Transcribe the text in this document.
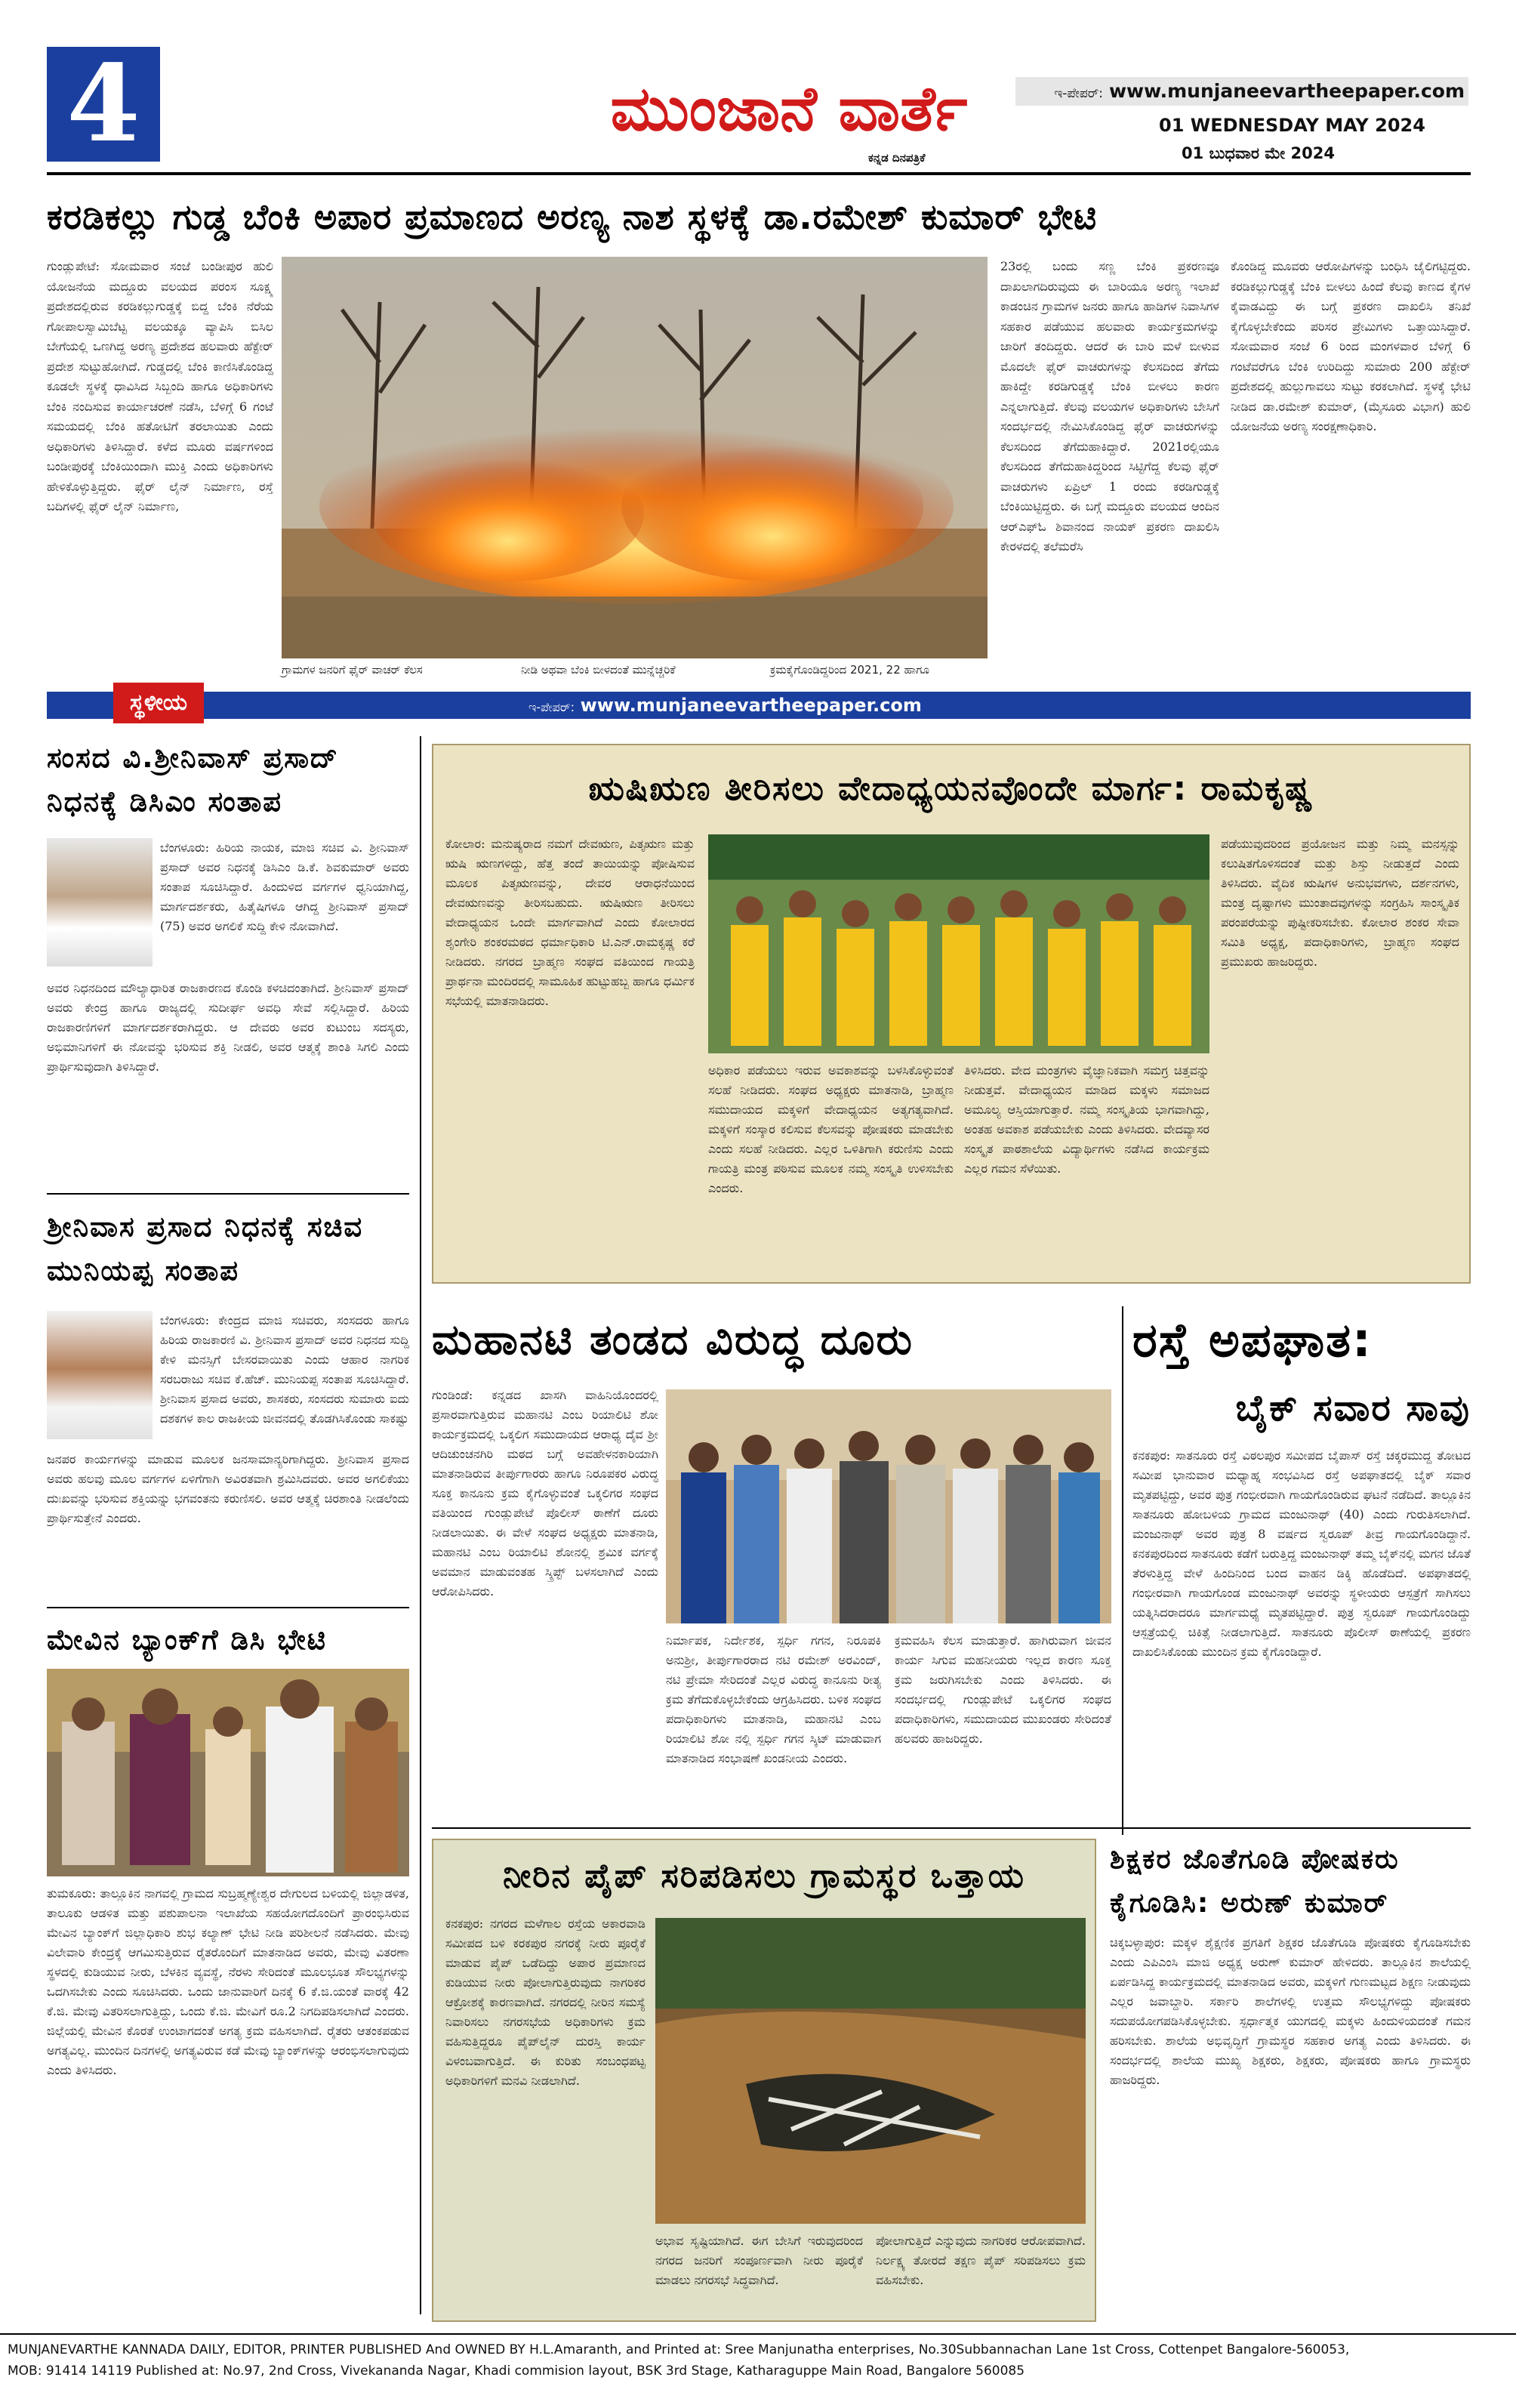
4	ಮುಂಜಾನೆ ವಾರ್ತೆ
ಕನ್ನಡ ದಿನಪತ್ರಿಕೆ
ಇ-ಪೇಪರ್: www.munjaneevartheepaper.com
01 WEDNESDAY MAY 2024
01 ಬುಧವಾರ ಮೇ 2024
ಕರಡಿಕಲ್ಲು ಗುಡ್ಡ ಬೆಂಕಿ ಅಪಾರ ಪ್ರಮಾಣದ ಅರಣ್ಯ ನಾಶ ಸ್ಥಳಕ್ಕೆ ಡಾ.ರಮೇಶ್ ಕುಮಾರ್ ಭೇಟಿ
ಗುಂಡ್ಲುಪೇಟೆ: ಸೋಮವಾರ ಸಂಜೆ ಬಂಡೀಪುರ ಹುಲಿ ಯೋಜನೆಯ ಮದ್ದೂರು ವಲಯದ ಪರಂಸ ಸೂಕ್ಷ್ಮ ಪ್ರದೇಶದಲ್ಲಿರುವ ಕರಡಿಕಲ್ಲುಗುಡ್ಡಕ್ಕೆ ಬಿದ್ದ ಬೆಂಕಿ ನೆರೆಯ ಗೋಪಾಲಸ್ವಾಮಿಬೆಟ್ಟ ವಲಯಕ್ಕೂ ವ್ಯಾಪಿಸಿ ಬಿಸಿಲ ಬೇಗೆಯಲ್ಲಿ ಒಣಗಿದ್ದ ಅರಣ್ಯ ಪ್ರದೇಶದ ಹಲವಾರು ಹೆಕ್ಟೇರ್ ಪ್ರದೇಶ ಸುಟ್ಟುಹೋಗಿದೆ. ಗುಡ್ಡದಲ್ಲಿ ಬೆಂಕಿ ಕಾಣಿಸಿಕೊಂಡಿದ್ದ ಕೂಡಲೇ ಸ್ಥಳಕ್ಕೆ ಧಾವಿಸಿದ ಸಿಬ್ಬಂದಿ ಹಾಗೂ ಅಧಿಕಾರಿಗಳು ಬೆಂಕಿ ನಂದಿಸುವ ಕಾರ್ಯಾಚರಣೆ ನಡೆಸಿ, ಬೆಳಿಗ್ಗೆ 6 ಗಂಟೆ ಸಮಯದಲ್ಲಿ ಬೆಂಕಿ ಹತೋಟಿಗೆ ತರಲಾಯಿತು ಎಂದು ಅಧಿಕಾರಿಗಳು ತಿಳಿಸಿದ್ದಾರೆ. ಕಳೆದ ಮೂರು ವರ್ಷಗಳಿಂದ ಬಂಡೀಪುರಕ್ಕೆ ಬೆಂಕಿಯಿಂದಾಗಿ ಮುಕ್ತಿ ಎಂದು ಅಧಿಕಾರಿಗಳು ಹೇಳಿಕೊಳ್ಳುತ್ತಿದ್ದರು. ಫೈರ್ ಲೈನ್ ನಿರ್ಮಾಣ, ರಸ್ತೆ ಬದಿಗಳಲ್ಲಿ ಫೈರ್ ಲೈನ್ ನಿರ್ಮಾಣ,
ಗ್ರಾಮಗಳ ಜನರಿಗೆ ಫೈರ್ ವಾಚರ್ ಕೆಲಸ	ನೀಡಿ ಅಥವಾ ಬೆಂಕಿ ಬೀಳದಂತೆ ಮುನ್ನೆಚ್ಚರಿಕೆ	ಕ್ರಮಕೈಗೊಂಡಿದ್ದರಿಂದ 2021, 22 ಹಾಗೂ
23ರಲ್ಲಿ ಬಂದು ಸಣ್ಣ ಬೆಂಕಿ ಪ್ರಕರಣವೂ ದಾಖಲಾಗದಿರುವುದು ಈ ಬಾರಿಯೂ ಅರಣ್ಯ ಇಲಾಖೆ ಕಾಡಂಚಿನ ಗ್ರಾಮಗಳ ಜನರು ಹಾಗೂ ಹಾಡಿಗಳ ನಿವಾಸಿಗಳ ಸಹಕಾರ ಪಡೆಯುವ ಹಲವಾರು ಕಾರ್ಯಕ್ರಮಗಳನ್ನು ಜಾರಿಗೆ ತಂದಿದ್ದರು. ಆದರೆ ಈ ಬಾರಿ ಮಳೆ ಬೀಳುವ ಮೊದಲೇ ಫೈರ್ ವಾಚರುಗಳನ್ನು ಕೆಲಸದಿಂದ ತೆಗೆದು ಹಾಕಿದ್ದೇ ಕರಡಿಗುಡ್ಡಕ್ಕೆ ಬೆಂಕಿ ಬೀಳಲು ಕಾರಣ ಎನ್ನಲಾಗುತ್ತಿದೆ. ಕೆಲವು ವಲಯಗಳ ಅಧಿಕಾರಿಗಳು ಬೇಸಿಗೆ ಸಂದರ್ಭದಲ್ಲಿ ನೇಮಿಸಿಕೊಂಡಿದ್ದ ಫೈರ್ ವಾಚರುಗಳನ್ನು ಕೆಲಸದಿಂದ ತೆಗೆದುಹಾಕಿದ್ದಾರೆ. 2021ರಲ್ಲಿಯೂ ಕೆಲಸದಿಂದ ತೆಗೆದುಹಾಕಿದ್ದರಿಂದ ಸಿಟ್ಟಿಗೆದ್ದ ಕೆಲವು ಫೈರ್ ವಾಚರುಗಳು ಏಪ್ರಿಲ್ 1 ರಂದು ಕರಡಿಗುಡ್ಡಕ್ಕೆ ಬೆಂಕಿಯಿಟ್ಟಿದ್ದರು. ಈ ಬಗ್ಗೆ ಮದ್ದೂರು ವಲಯದ ಆಂದಿನ ಆರ್‌ಎಫ್‌ಓ ಶಿವಾನಂದ ನಾಯಕ್ ಪ್ರಕರಣ ದಾಖಲಿಸಿ ಕೇರಳದಲ್ಲಿ ತಲೆಮರೆಸಿ
ಕೊಂಡಿದ್ದ ಮೂವರು ಆರೋಪಿಗಳನ್ನು ಬಂಧಿಸಿ ಜೈಲಿಗಟ್ಟಿದ್ದರು. ಕರಡಿಕಲ್ಲುಗುಡ್ಡಕ್ಕೆ ಬೆಂಕಿ ಬೀಳಲು ಹಿಂದೆ ಕೆಲವು ಕಾಣದ ಕೈಗಳ ಕೈವಾಡವಿದ್ದು ಈ ಬಗ್ಗೆ ಪ್ರಕರಣ ದಾಖಲಿಸಿ ತನಿಖೆ ಕೈಗೊಳ್ಳಬೇಕೆಂದು ಪರಿಸರ ಪ್ರೇಮಿಗಳು ಒತ್ತಾಯಿಸಿದ್ದಾರೆ. ಸೋಮವಾರ ಸಂಜೆ 6 ರಿಂದ ಮಂಗಳವಾರ ಬೆಳಿಗ್ಗೆ 6 ಗಂಟೆವರೆಗೂ ಬೆಂಕಿ ಉರಿದಿದ್ದು ಸುಮಾರು 200 ಹೆಕ್ಟೇರ್ ಪ್ರದೇಶದಲ್ಲಿ ಹುಲ್ಲುಗಾವಲು ಸುಟ್ಟು ಕರಕಲಾಗಿದೆ. ಸ್ಥಳಕ್ಕೆ ಭೇಟಿ ನೀಡಿದ ಡಾ.ರಮೇಶ್ ಕುಮಾರ್, (ಮೈಸೂರು ವಿಭಾಗ) ಹುಲಿ ಯೋಜನೆಯ ಅರಣ್ಯ ಸಂರಕ್ಷಣಾಧಿಕಾರಿ.
ಸ್ಥಳೀಯ	ಇ-ಪೇಪರ್: www.munjaneevartheepaper.com
ಸಂಸದ ವಿ.ಶ್ರೀನಿವಾಸ್ ಪ್ರಸಾದ್ ನಿಧನಕ್ಕೆ ಡಿಸಿಎಂ ಸಂತಾಪ
ಬೆಂಗಳೂರು: ಹಿರಿಯ ನಾಯಕ, ಮಾಜಿ ಸಚಿವ ವಿ. ಶ್ರೀನಿವಾಸ್ ಪ್ರಸಾದ್ ಅವರ ನಿಧನಕ್ಕೆ ಡಿಸಿಎಂ ಡಿ.ಕೆ. ಶಿವಕುಮಾರ್ ಅವರು ಸಂತಾಪ ಸೂಚಿಸಿದ್ದಾರೆ. ಹಿಂದುಳಿದ ವರ್ಗಗಳ ಧ್ವನಿಯಾಗಿದ್ದ, ಮಾರ್ಗದರ್ಶಕರು, ಹಿತೈಷಿಗಳೂ ಆಗಿದ್ದ ಶ್ರೀನಿವಾಸ್ ಪ್ರಸಾದ್ (75) ಅವರ ಅಗಲಿಕೆ ಸುದ್ದಿ ಕೇಳಿ ನೋವಾಗಿದೆ.
ಅವರ ನಿಧನದಿಂದ ಮೌಲ್ಯಾಧಾರಿತ ರಾಜಕಾರಣದ ಕೊಂಡಿ ಕಳಚಿದಂತಾಗಿದೆ. ಶ್ರೀನಿವಾಸ್ ಪ್ರಸಾದ್ ಅವರು ಕೇಂದ್ರ ಹಾಗೂ ರಾಜ್ಯದಲ್ಲಿ ಸುದೀರ್ಘ ಅವಧಿ ಸೇವೆ ಸಲ್ಲಿಸಿದ್ದಾರೆ. ಹಿರಿಯ ರಾಜಕಾರಣಿಗಳಿಗೆ ಮಾರ್ಗದರ್ಶಕರಾಗಿದ್ದರು. ಆ ದೇವರು ಅವರ ಕುಟುಂಬ ಸದಸ್ಯರು, ಅಭಿಮಾನಿಗಳಿಗೆ ಈ ನೋವನ್ನು ಭರಿಸುವ ಶಕ್ತಿ ನೀಡಲಿ, ಅವರ ಆತ್ಮಕ್ಕೆ ಶಾಂತಿ ಸಿಗಲಿ ಎಂದು ಪ್ರಾರ್ಥಿಸುವುದಾಗಿ ತಿಳಿಸಿದ್ದಾರೆ.
ಶ್ರೀನಿವಾಸ ಪ್ರಸಾದ ನಿಧನಕ್ಕೆ ಸಚಿವ ಮುನಿಯಪ್ಪ ಸಂತಾಪ
ಬೆಂಗಳೂರು: ಕೇಂದ್ರದ ಮಾಜಿ ಸಚಿವರು, ಸಂಸದರು ಹಾಗೂ ಹಿರಿಯ ರಾಜಕಾರಣಿ ವಿ. ಶ್ರೀನಿವಾಸ ಪ್ರಸಾದ್ ಅವರ ನಿಧನದ ಸುದ್ದಿ ಕೇಳಿ ಮನಸ್ಸಿಗೆ ಬೇಸರವಾಯಿತು ಎಂದು ಆಹಾರ ನಾಗರಿಕ ಸರಬರಾಜು ಸಚಿವ ಕೆ.ಹೆಚ್. ಮುನಿಯಪ್ಪ ಸಂತಾಪ ಸೂಚಿಸಿದ್ದಾರೆ. ಶ್ರೀನಿವಾಸ ಪ್ರಸಾದ ಅವರು, ಶಾಸಕರು, ಸಂಸದರು ಸುಮಾರು ಐದು ದಶಕಗಳ ಕಾಲ ರಾಜಕೀಯ ಜೀವನದಲ್ಲಿ ತೊಡಗಿಸಿಕೊಂಡು ಸಾಕಷ್ಟು
ಜನಪರ ಕಾರ್ಯಗಳನ್ನು ಮಾಡುವ ಮೂಲಕ ಜನಸಾಮಾನ್ಯರಿಗಾಗಿದ್ದರು. ಶ್ರೀನಿವಾಸ ಪ್ರಸಾದ ಅವರು ಹಲವು ಮೂಲ ವರ್ಗಗಳ ಏಳಿಗೆಗಾಗಿ ಅವಿರತವಾಗಿ ಶ್ರಮಿಸಿದವರು. ಅವರ ಅಗಲಿಕೆಯು ದುಃಖವನ್ನು ಭರಿಸುವ ಶಕ್ತಿಯನ್ನು ಭಗವಂತನು ಕರುಣಿಸಲಿ. ಅವರ ಆತ್ಮಕ್ಕೆ ಚಿರಶಾಂತಿ ನೀಡಲೆಂದು ಪ್ರಾರ್ಥಿಸುತ್ತೇನೆ ಎಂದರು.
ಮೇವಿನ ಬ್ಯಾಂಕ್‌ಗೆ ಡಿಸಿ ಭೇಟಿ
ತುಮಕೂರು: ತಾಲ್ಲೂಕಿನ ನಾಗವಲ್ಲಿ ಗ್ರಾಮದ ಸುಬ್ರಹ್ಮಣ್ಯೇಶ್ವರ ದೇಗುಲದ ಬಳಿಯಲ್ಲಿ ಜಿಲ್ಲಾಡಳಿತ, ತಾಲೂಕು ಆಡಳಿತ ಮತ್ತು ಪಶುಪಾಲನಾ ಇಲಾಖೆಯ ಸಹಯೋಗದೊಂದಿಗೆ ಪ್ರಾರಂಭಿಸಿರುವ ಮೇವಿನ ಬ್ಯಾಂಕ್‌ಗೆ ಜಿಲ್ಲಾಧಿಕಾರಿ ಶುಭ ಕಲ್ಯಾಣ್ ಭೇಟಿ ನೀಡಿ ಪರಿಶೀಲನೆ ನಡೆಸಿದರು. ಮೇವು ವಿಲೇವಾರಿ ಕೇಂದ್ರಕ್ಕೆ ಆಗಮಿಸುತ್ತಿರುವ ರೈತರೊಂದಿಗೆ ಮಾತನಾಡಿದ ಅವರು, ಮೇವು ವಿತರಣಾ ಸ್ಥಳದಲ್ಲಿ ಕುಡಿಯುವ ನೀರು, ಬೆಳಕಿನ ವ್ಯವಸ್ಥೆ, ನೆರಳು ಸೇರಿದಂತೆ ಮೂಲಭೂತ ಸೌಲಭ್ಯಗಳನ್ನು ಒದಗಿಸಬೇಕು ಎಂದು ಸೂಚಿಸಿದರು. ಒಂದು ಜಾನುವಾರಿಗೆ ದಿನಕ್ಕೆ 6 ಕೆ.ಜಿ.ಯಂತೆ ವಾರಕ್ಕೆ 42 ಕೆ.ಜಿ. ಮೇವು ವಿತರಿಸಲಾಗುತ್ತಿದ್ದು, ಒಂದು ಕೆ.ಜಿ. ಮೇವಿಗೆ ರೂ.2 ನಿಗದಿಪಡಿಸಲಾಗಿದೆ ಎಂದರು. ಜಿಲ್ಲೆಯಲ್ಲಿ ಮೇವಿನ ಕೊರತೆ ಉಂಟಾಗದಂತೆ ಅಗತ್ಯ ಕ್ರಮ ವಹಿಸಲಾಗಿದೆ. ರೈತರು ಆತಂಕಪಡುವ ಅಗತ್ಯವಿಲ್ಲ. ಮುಂದಿನ ದಿನಗಳಲ್ಲಿ ಅಗತ್ಯವಿರುವ ಕಡೆ ಮೇವು ಬ್ಯಾಂಕ್‌ಗಳನ್ನು ಆರಂಭಿಸಲಾಗುವುದು ಎಂದು ತಿಳಿಸಿದರು.
ಋಷಿಋಣ ತೀರಿಸಲು ವೇದಾಧ್ಯಯನವೊಂದೇ ಮಾರ್ಗ: ರಾಮಕೃಷ್ಣ
ಕೋಲಾರ: ಮನುಷ್ಯರಾದ ನಮಗೆ ದೇವಋಣ, ಪಿತೃಋಣ ಮತ್ತು ಋಷಿ ಋಣಗಳಿದ್ದು, ಹೆತ್ತ ತಂದೆ ತಾಯಿಯನ್ನು ಪೋಷಿಸುವ ಮೂಲಕ ಪಿತೃಋಣವನ್ನು, ದೇವರ ಆರಾಧನೆಯಿಂದ ದೇವಋಣವನ್ನು ತೀರಿಸಬಹುದು. ಋಷಿಋಣ ತೀರಿಸಲು ವೇದಾಧ್ಯಯನ ಒಂದೇ ಮಾರ್ಗವಾಗಿದೆ ಎಂದು ಕೋಲಾರದ ಶೃಂಗೇರಿ ಶಂಕರಮಠದ ಧರ್ಮಾಧಿಕಾರಿ ಟಿ.ಎನ್.ರಾಮಕೃಷ್ಣ ಕರೆ ನೀಡಿದರು. ನಗರದ ಬ್ರಾಹ್ಮಣ ಸಂಘದ ವತಿಯಿಂದ ಗಾಯತ್ರಿ ಪ್ರಾರ್ಥನಾ ಮಂದಿರದಲ್ಲಿ ಸಾಮೂಹಿಕ ಹುಟ್ಟುಹಬ್ಬ ಹಾಗೂ ಧರ್ಮಿಕ ಸಭೆಯಲ್ಲಿ ಮಾತನಾಡಿದರು.
ಅಧಿಕಾರ ಪಡೆಯಲು ಇರುವ ಅವಕಾಶವನ್ನು ಬಳಸಿಕೊಳ್ಳುವಂತೆ ಸಲಹೆ ನೀಡಿದರು. ಸಂಘದ ಅಧ್ಯಕ್ಷರು ಮಾತನಾಡಿ, ಬ್ರಾಹ್ಮಣ ಸಮುದಾಯದ ಮಕ್ಕಳಿಗೆ ವೇದಾಧ್ಯಯನ ಅತ್ಯಗತ್ಯವಾಗಿದೆ. ಮಕ್ಕಳಿಗೆ ಸಂಸ್ಕಾರ ಕಲಿಸುವ ಕೆಲಸವನ್ನು ಪೋಷಕರು ಮಾಡಬೇಕು ಎಂದು ಸಲಹೆ ನೀಡಿದರು. ಎಲ್ಲರ ಒಳಿತಿಗಾಗಿ ಕರುಣಿಸು ಎಂದು ಗಾಯತ್ರಿ ಮಂತ್ರ ಪಠಿಸುವ ಮೂಲಕ ನಮ್ಮ ಸಂಸ್ಕೃತಿ ಉಳಿಸಬೇಕು ಎಂದರು.
ತಿಳಿಸಿದರು. ವೇದ ಮಂತ್ರಗಳು ವೈಜ್ಞಾನಿಕವಾಗಿ ಸಮಗ್ರ ಚಿತ್ತವನ್ನು ನೀಡುತ್ತವೆ. ವೇದಾಧ್ಯಯನ ಮಾಡಿದ ಮಕ್ಕಳು ಸಮಾಜದ ಅಮೂಲ್ಯ ಆಸ್ತಿಯಾಗುತ್ತಾರೆ. ನಮ್ಮ ಸಂಸ್ಕೃತಿಯ ಭಾಗವಾಗಿದ್ದು, ಅಂತಹ ಅವಕಾಶ ಪಡೆಯಬೇಕು ಎಂದು ತಿಳಿಸಿದರು. ವೇದವ್ಯಾಸರ ಸಂಸ್ಕೃತ ಪಾಠಶಾಲೆಯ ವಿದ್ಯಾರ್ಥಿಗಳು ನಡೆಸಿದ ಕಾರ್ಯಕ್ರಮ ಎಲ್ಲರ ಗಮನ ಸೆಳೆಯಿತು.
ಪಡೆಯುವುದರಿಂದ ಪ್ರಯೋಜನ ಮತ್ತು ನಿಮ್ಮ ಮನಸ್ಸನ್ನು ಕಲುಷಿತಗೊಳಿಸದಂತೆ ಮತ್ತು ಶಿಸ್ತು ನೀಡುತ್ತದೆ ಎಂದು ತಿಳಿಸಿದರು. ವೈದಿಕ ಋಷಿಗಳ ಅನುಭವಗಳು, ದರ್ಶನಗಳು, ಮಂತ್ರ ದೃಷ್ಟಾಗಳು ಮುಂತಾದವುಗಳನ್ನು ಸಂಗ್ರಹಿಸಿ ಸಾಂಸ್ಕೃತಿಕ ಪರಂಪರೆಯನ್ನು ಪುಷ್ಟೀಕರಿಸಬೇಕು. ಕೋಲಾರ ಶಂಕರ ಸೇವಾ ಸಮಿತಿ ಅಧ್ಯಕ್ಷ, ಪದಾಧಿಕಾರಿಗಳು, ಬ್ರಾಹ್ಮಣ ಸಂಘದ ಪ್ರಮುಖರು ಹಾಜರಿದ್ದರು.
ಮಹಾನಟಿ ತಂಡದ ವಿರುದ್ಧ ದೂರು
ಗುಂಡಿಂಡೆ: ಕನ್ನಡದ ಖಾಸಗಿ ವಾಹಿನಿಯೊಂದರಲ್ಲಿ ಪ್ರಸಾರವಾಗುತ್ತಿರುವ ಮಹಾನಟಿ ಎಂಬ ರಿಯಾಲಿಟಿ ಶೋ ಕಾರ್ಯಕ್ರಮದಲ್ಲಿ ಒಕ್ಕಲಿಗ ಸಮುದಾಯದ ಆರಾಧ್ಯ ದೈವ ಶ್ರೀ ಆದಿಚುಂಚನಗಿರಿ ಮಠದ ಬಗ್ಗೆ ಅವಹೇಳನಕಾರಿಯಾಗಿ ಮಾತನಾಡಿರುವ ತೀರ್ಪುಗಾರರು ಹಾಗೂ ನಿರೂಪಕರ ವಿರುದ್ಧ ಸೂಕ್ತ ಕಾನೂನು ಕ್ರಮ ಕೈಗೊಳ್ಳುವಂತೆ ಒಕ್ಕಲಿಗರ ಸಂಘದ ವತಿಯಿಂದ ಗುಂಡ್ಲುಪೇಟೆ ಪೊಲೀಸ್ ಠಾಣೆಗೆ ದೂರು ನೀಡಲಾಯಿತು. ಈ ವೇಳೆ ಸಂಘದ ಅಧ್ಯಕ್ಷರು ಮಾತನಾಡಿ, ಮಹಾನಟಿ ಎಂಬ ರಿಯಾಲಿಟಿ ಶೋನಲ್ಲಿ ಶ್ರಮಿಕ ವರ್ಗಕ್ಕೆ ಅವಮಾನ ಮಾಡುವಂತಹ ಸ್ಕ್ರಿಪ್ಟ್ ಬಳಸಲಾಗಿದೆ ಎಂದು ಆರೋಪಿಸಿದರು.
ನಿರ್ಮಾಪಕ, ನಿರ್ದೇಶಕ, ಸ್ಪರ್ಧಿ ಗಗನ, ನಿರೂಪಕಿ ಅನುಶ್ರೀ, ತೀರ್ಪುಗಾರರಾದ ನಟಿ ರಮೇಶ್ ಅರವಿಂದ್, ನಟಿ ಪ್ರೇಮಾ ಸೇರಿದಂತೆ ಎಲ್ಲರ ವಿರುದ್ಧ ಕಾನೂನು ರೀತ್ಯ ಕ್ರಮ ತೆಗೆದುಕೊಳ್ಳಬೇಕೆಂದು ಆಗ್ರಹಿಸಿದರು. ಬಳಿಕ ಸಂಘದ ಪದಾಧಿಕಾರಿಗಳು ಮಾತನಾಡಿ, ಮಹಾನಟಿ ಎಂಬ ರಿಯಾಲಿಟಿ ಶೋ ನಲ್ಲಿ ಸ್ಪರ್ಧಿ ಗಗನ ಸ್ಕಿಟ್ ಮಾಡುವಾಗ ಮಾತನಾಡಿದ ಸಂಭಾಷಣೆ ಖಂಡನೀಯ ಎಂದರು.
ಕ್ರಮವಹಿಸಿ ಕೆಲಸ ಮಾಡುತ್ತಾರೆ. ಹಾಗಿರುವಾಗ ಜೀವನ ಕಾರ್ಯ ಸಿಗುವ ಮಹನೀಯರು ಇಲ್ಲದ ಕಾರಣ ಸೂಕ್ತ ಕ್ರಮ ಜರುಗಿಸಬೇಕು ಎಂದು ತಿಳಿಸಿದರು. ಈ ಸಂದರ್ಭದಲ್ಲಿ ಗುಂಡ್ಲುಪೇಟೆ ಒಕ್ಕಲಿಗರ ಸಂಘದ ಪದಾಧಿಕಾರಿಗಳು, ಸಮುದಾಯದ ಮುಖಂಡರು ಸೇರಿದಂತೆ ಹಲವರು ಹಾಜರಿದ್ದರು.
ರಸ್ತೆ ಅಪಘಾತ:
ಬೈಕ್ ಸವಾರ ಸಾವು
ಕನಕಪುರ: ಸಾತನೂರು ರಸ್ತೆ ವಿಠಲಪುರ ಸಮೀಪದ ಬೈಪಾಸ್ ರಸ್ತೆ ಚಕ್ಕರಮುದ್ದ ತೋಟದ ಸಮೀಪ ಭಾನುವಾರ ಮಧ್ಯಾಹ್ನ ಸಂಭವಿಸಿದ ರಸ್ತೆ ಅಪಘಾತದಲ್ಲಿ ಬೈಕ್ ಸವಾರ ಮೃತಪಟ್ಟಿದ್ದು, ಅವರ ಪುತ್ರ ಗಂಭೀರವಾಗಿ ಗಾಯಗೊಂಡಿರುವ ಘಟನೆ ನಡೆದಿದೆ. ತಾಲ್ಲೂಕಿನ ಸಾತನೂರು ಹೋಬಳಿಯ ಗ್ರಾಮದ ಮಂಜುನಾಥ್ (40) ಎಂದು ಗುರುತಿಸಲಾಗಿದೆ. ಮಂಜುನಾಥ್ ಅವರ ಪುತ್ರ 8 ವರ್ಷದ ಸ್ವರೂಪ್ ತೀವ್ರ ಗಾಯಗೊಂಡಿದ್ದಾನೆ. ಕನಕಪುರದಿಂದ ಸಾತನೂರು ಕಡೆಗೆ ಬರುತ್ತಿದ್ದ ಮಂಜುನಾಥ್ ತಮ್ಮ ಬೈಕ್‌ನಲ್ಲಿ ಮಗನ ಜೊತೆ ತೆರಳುತ್ತಿದ್ದ ವೇಳೆ ಹಿಂದಿನಿಂದ ಬಂದ ವಾಹನ ಡಿಕ್ಕಿ ಹೊಡೆದಿದೆ. ಅಪಘಾತದಲ್ಲಿ ಗಂಭೀರವಾಗಿ ಗಾಯಗೊಂಡ ಮಂಜುನಾಥ್ ಅವರನ್ನು ಸ್ಥಳೀಯರು ಆಸ್ಪತ್ರೆಗೆ ಸಾಗಿಸಲು ಯತ್ನಿಸಿದರಾದರೂ ಮಾರ್ಗಮಧ್ಯೆ ಮೃತಪಟ್ಟಿದ್ದಾರೆ. ಪುತ್ರ ಸ್ವರೂಪ್ ಗಾಯಗೊಂಡಿದ್ದು ಆಸ್ಪತ್ರೆಯಲ್ಲಿ ಚಿಕಿತ್ಸೆ ನೀಡಲಾಗುತ್ತಿದೆ. ಸಾತನೂರು ಪೊಲೀಸ್ ಠಾಣೆಯಲ್ಲಿ ಪ್ರಕರಣ ದಾಖಲಿಸಿಕೊಂಡು ಮುಂದಿನ ಕ್ರಮ ಕೈಗೊಂಡಿದ್ದಾರೆ.
ನೀರಿನ ಪೈಪ್ ಸರಿಪಡಿಸಲು ಗ್ರಾಮಸ್ಥರ ಒತ್ತಾಯ
ಕನಕಪುರ: ನಗರದ ಮಳೆಗಾಲ ರಸ್ತೆಯ ಅಕಾರವಾಡಿ ಸಮೀಪದ ಬಳಿ ಕರಕಪುರ ನಗರಕ್ಕೆ ನೀರು ಪೂರೈಕೆ ಮಾಡುವ ಪೈಪ್ ಒಡೆದಿದ್ದು ಅಪಾರ ಪ್ರಮಾಣದ ಕುಡಿಯುವ ನೀರು ಪೋಲಾಗುತ್ತಿರುವುದು ನಾಗರಿಕರ ಆಕ್ರೋಶಕ್ಕೆ ಕಾರಣವಾಗಿದೆ. ನಗರದಲ್ಲಿ ನೀರಿನ ಸಮಸ್ಯೆ ನಿವಾರಿಸಲು ನಗರಸಭೆಯ ಅಧಿಕಾರಿಗಳು ಕ್ರಮ ವಹಿಸುತ್ತಿದ್ದರೂ ಪೈಪ್‌ಲೈನ್ ದುರಸ್ತಿ ಕಾರ್ಯ ವಿಳಂಬವಾಗುತ್ತಿದೆ. ಈ ಕುರಿತು ಸಂಬಂಧಪಟ್ಟ ಅಧಿಕಾರಿಗಳಿಗೆ ಮನವಿ ನೀಡಲಾಗಿದೆ.
ಅಭಾವ ಸೃಷ್ಟಿಯಾಗಿದೆ. ಈಗ ಬೇಸಿಗೆ ಇರುವುದರಿಂದ ನಗರದ ಜನರಿಗೆ ಸಂಪೂರ್ಣವಾಗಿ ನೀರು ಪೂರೈಕೆ ಮಾಡಲು ನಗರಸಭೆ ಸಿದ್ಧವಾಗಿದೆ.
ಪೋಲಾಗುತ್ತಿದೆ ಎನ್ನುವುದು ನಾಗರಿಕರ ಆರೋಪವಾಗಿದೆ. ನಿರ್ಲಕ್ಷ್ಯ ತೋರದೆ ತಕ್ಷಣ ಪೈಪ್ ಸರಿಪಡಿಸಲು ಕ್ರಮ ವಹಿಸಬೇಕು.
ಶಿಕ್ಷಕರ ಜೊತೆಗೂಡಿ ಪೋಷಕರು
ಕೈಗೂಡಿಸಿ: ಅರುಣ್ ಕುಮಾರ್
ಚಿಕ್ಕಬಳ್ಳಾಪುರ: ಮಕ್ಕಳ ಶೈಕ್ಷಣಿಕ ಪ್ರಗತಿಗೆ ಶಿಕ್ಷಕರ ಜೊತೆಗೂಡಿ ಪೋಷಕರು ಕೈಗೂಡಿಸಬೇಕು ಎಂದು ಎಪಿಎಂಸಿ ಮಾಜಿ ಅಧ್ಯಕ್ಷ ಅರುಣ್ ಕುಮಾರ್ ಹೇಳಿದರು. ತಾಲ್ಲೂಕಿನ ಶಾಲೆಯಲ್ಲಿ ಏರ್ಪಡಿಸಿದ್ದ ಕಾರ್ಯಕ್ರಮದಲ್ಲಿ ಮಾತನಾಡಿದ ಅವರು, ಮಕ್ಕಳಿಗೆ ಗುಣಮಟ್ಟದ ಶಿಕ್ಷಣ ನೀಡುವುದು ಎಲ್ಲರ ಜವಾಬ್ದಾರಿ. ಸರ್ಕಾರಿ ಶಾಲೆಗಳಲ್ಲಿ ಉತ್ತಮ ಸೌಲಭ್ಯಗಳಿದ್ದು ಪೋಷಕರು ಸದುಪಯೋಗಪಡಿಸಿಕೊಳ್ಳಬೇಕು. ಸ್ಪರ್ಧಾತ್ಮಕ ಯುಗದಲ್ಲಿ ಮಕ್ಕಳು ಹಿಂದುಳಿಯದಂತೆ ಗಮನ ಹರಿಸಬೇಕು. ಶಾಲೆಯ ಅಭಿವೃದ್ಧಿಗೆ ಗ್ರಾಮಸ್ಥರ ಸಹಕಾರ ಅಗತ್ಯ ಎಂದು ತಿಳಿಸಿದರು. ಈ ಸಂದರ್ಭದಲ್ಲಿ ಶಾಲೆಯ ಮುಖ್ಯ ಶಿಕ್ಷಕರು, ಶಿಕ್ಷಕರು, ಪೋಷಕರು ಹಾಗೂ ಗ್ರಾಮಸ್ಥರು ಹಾಜರಿದ್ದರು.
MUNJANEVARTHE KANNADA DAILY, EDITOR, PRINTER PUBLISHED And OWNED BY H.L.Amaranth, and Printed at: Sree Manjunatha enterprises, No.30Subbannachan Lane 1st Cross, Cottenpet Bangalore-560053,
MOB: 91414 14119 Published at: No.97, 2nd Cross, Vivekananda Nagar, Khadi commision layout, BSK 3rd Stage, Katharaguppe Main Road, Bangalore 560085
